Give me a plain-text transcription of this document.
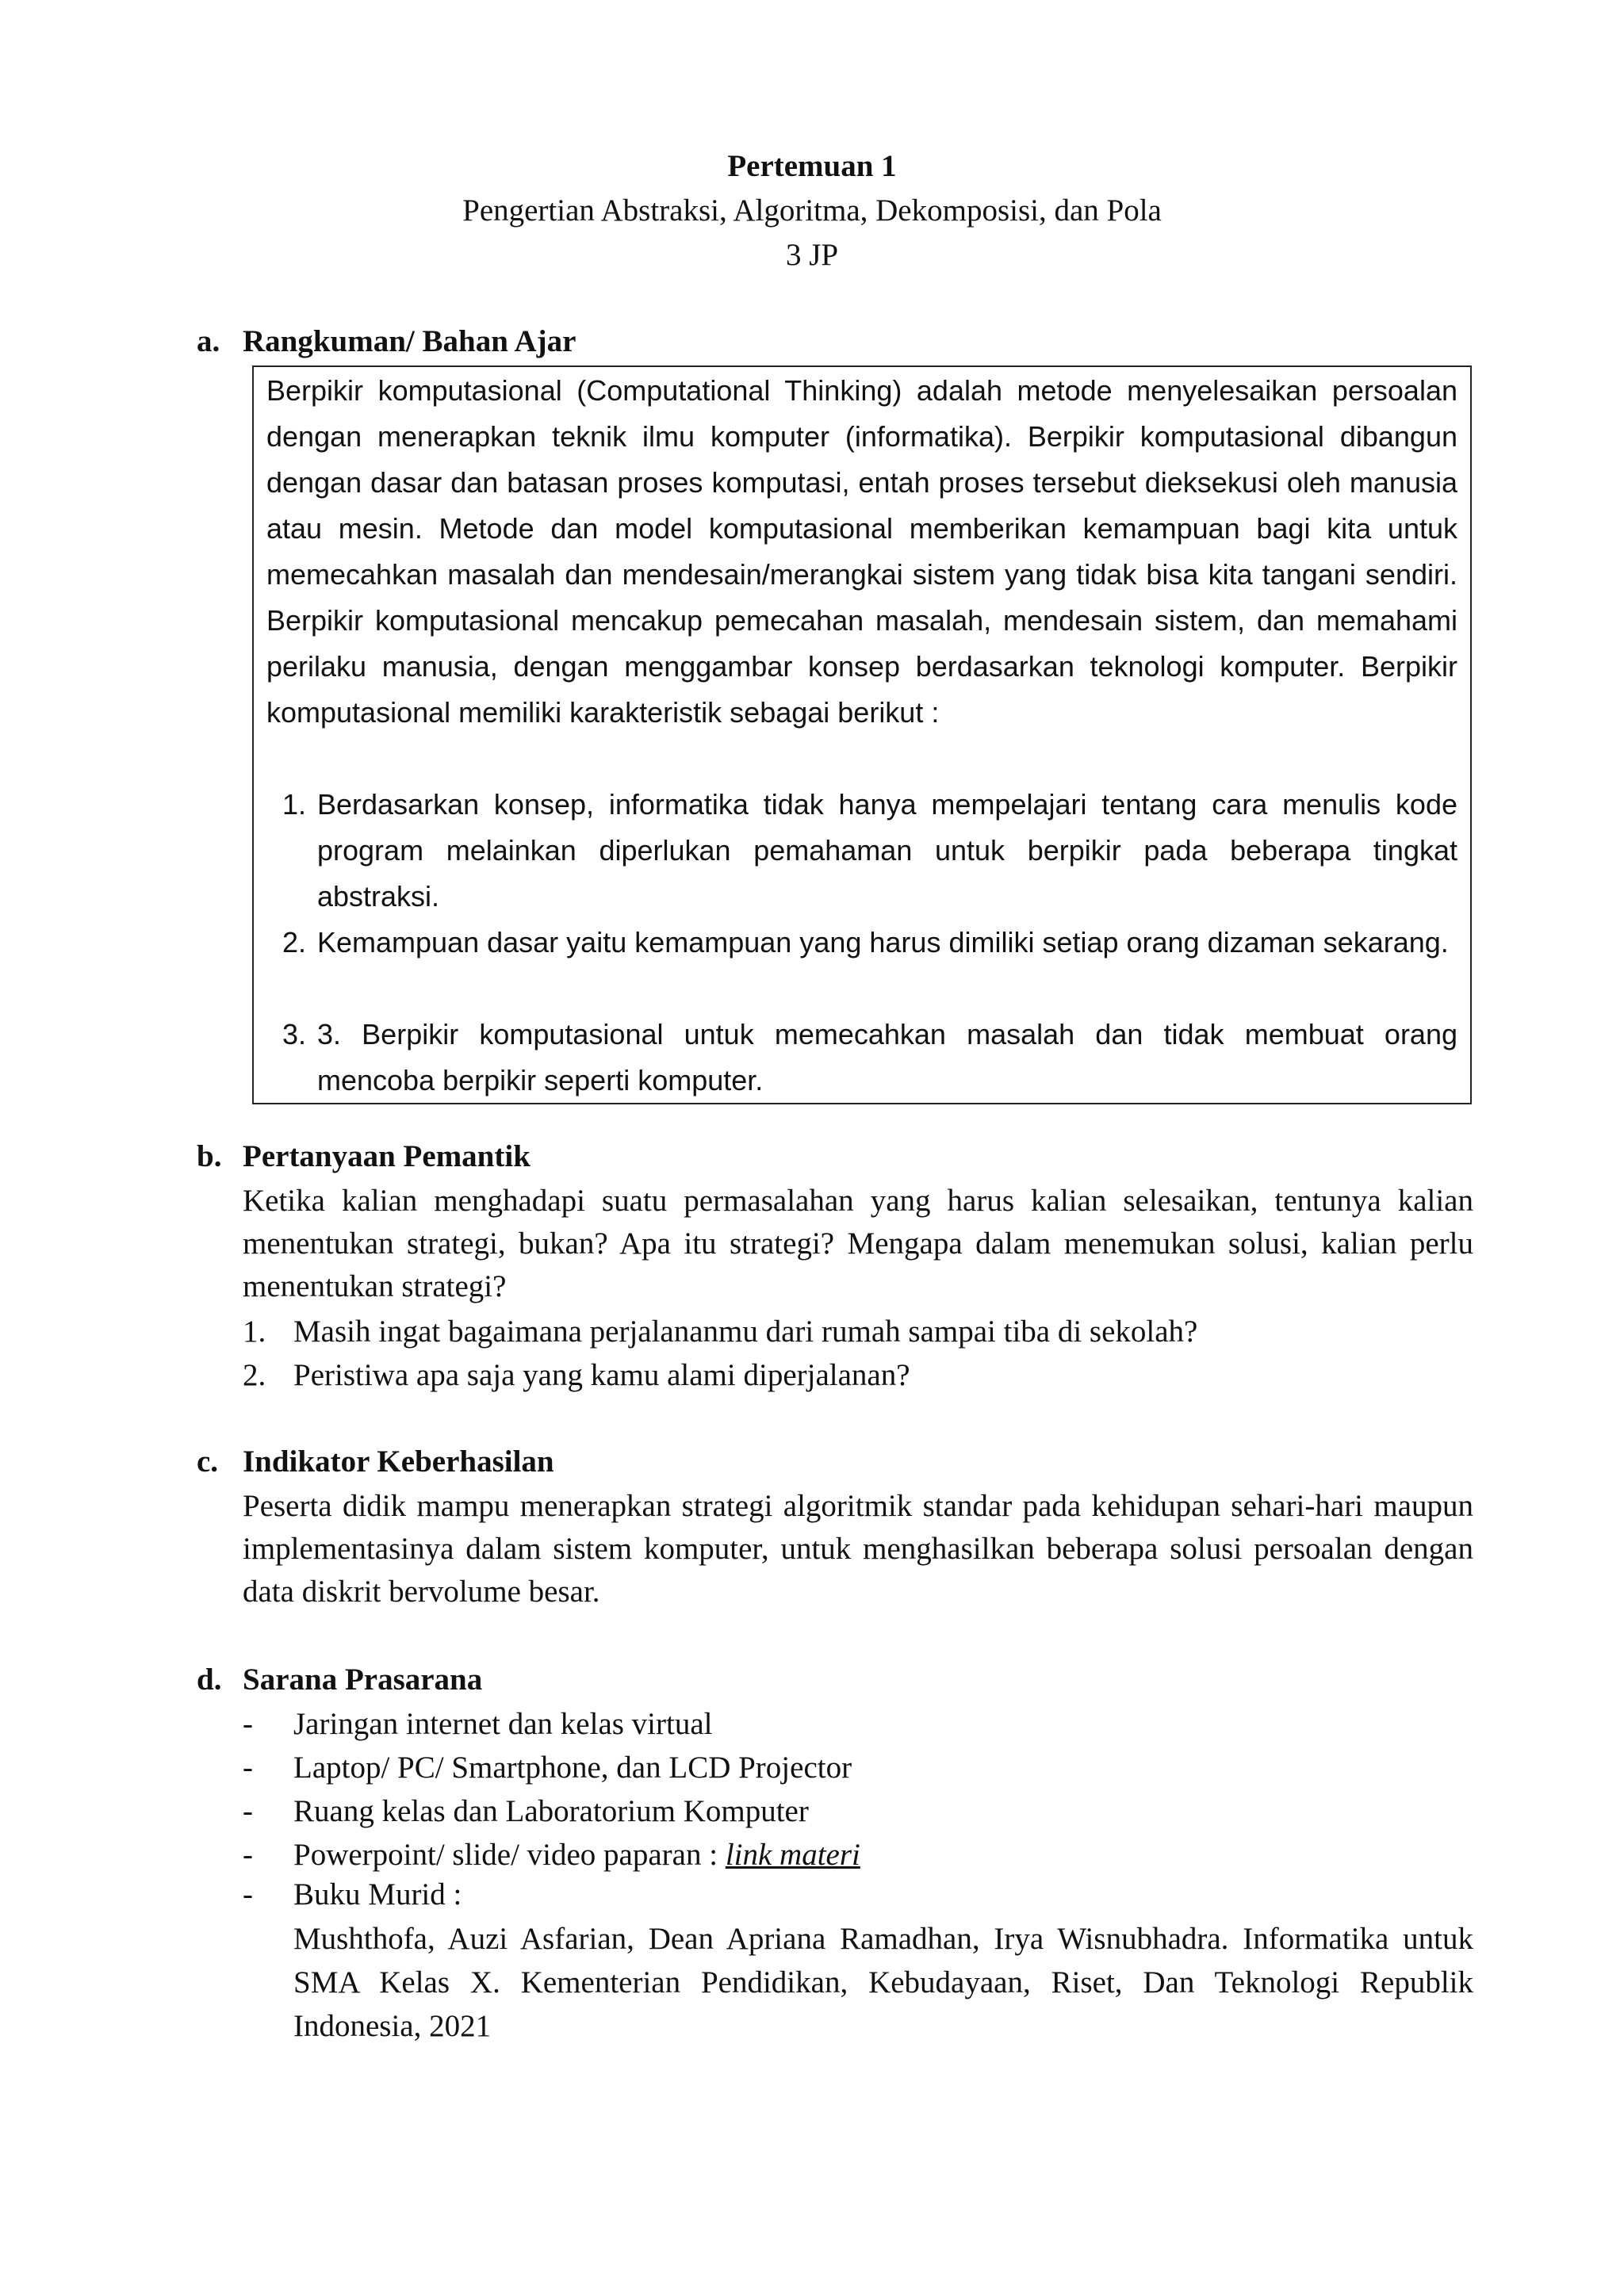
Pertemuan 1
Pengertian Abstraksi, Algoritma, Dekomposisi, dan Pola
3 JP
a. Rangkuman/ Bahan Ajar
Berpikir komputasional (Computational Thinking) adalah metode menyelesaikan persoalan dengan menerapkan teknik ilmu komputer (informatika). Berpikir komputasional dibangun dengan dasar dan batasan proses komputasi, entah proses tersebut dieksekusi oleh manusia atau mesin. Metode dan model komputasional memberikan kemampuan bagi kita untuk memecahkan masalah dan mendesain/merangkai sistem yang tidak bisa kita tangani sendiri. Berpikir komputasional mencakup pemecahan masalah, mendesain sistem, dan memahami perilaku manusia, dengan menggambar konsep berdasarkan teknologi komputer. Berpikir komputasional memiliki karakteristik sebagai berikut :
1. Berdasarkan konsep, informatika tidak hanya mempelajari tentang cara menulis kode program melainkan diperlukan pemahaman untuk berpikir pada beberapa tingkat abstraksi.
2. Kemampuan dasar yaitu kemampuan yang harus dimiliki setiap orang dizaman sekarang.
3. 3. Berpikir komputasional untuk memecahkan masalah dan tidak membuat orang mencoba berpikir seperti komputer.
b. Pertanyaan Pemantik
Ketika kalian menghadapi suatu permasalahan yang harus kalian selesaikan, tentunya kalian menentukan strategi, bukan? Apa itu strategi? Mengapa dalam menemukan solusi, kalian perlu menentukan strategi?
1. Masih ingat bagaimana perjalananmu dari rumah sampai tiba di sekolah?
2. Peristiwa apa saja yang kamu alami diperjalanan?
c. Indikator Keberhasilan
Peserta didik mampu menerapkan strategi algoritmik standar pada kehidupan sehari-hari maupun implementasinya dalam sistem komputer, untuk menghasilkan beberapa solusi persoalan dengan data diskrit bervolume besar.
d. Sarana Prasarana
- Jaringan internet dan kelas virtual
- Laptop/ PC/ Smartphone, dan LCD Projector
- Ruang kelas dan Laboratorium Komputer
- Powerpoint/ slide/ video paparan : link materi
- Buku Murid :
Mushthofa, Auzi Asfarian, Dean Apriana Ramadhan, Irya Wisnubhadra. Informatika untuk SMA Kelas X. Kementerian Pendidikan, Kebudayaan, Riset, Dan Teknologi Republik Indonesia, 2021
